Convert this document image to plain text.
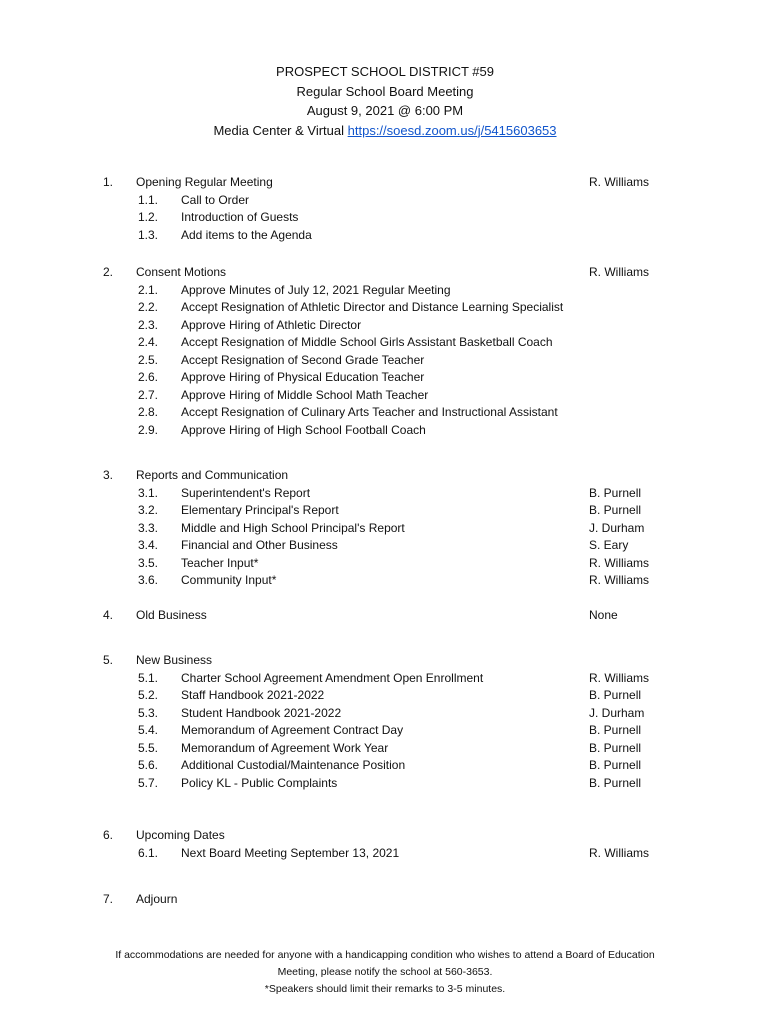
PROSPECT SCHOOL DISTRICT #59
Regular School Board Meeting
August 9, 2021 @ 6:00 PM
Media Center & Virtual https://soesd.zoom.us/j/5415603653
1. Opening Regular Meeting	R. Williams
1.1. Call to Order
1.2. Introduction of Guests
1.3. Add items to the Agenda
2. Consent Motions	R. Williams
2.1. Approve Minutes of July 12, 2021 Regular Meeting
2.2. Accept Resignation of Athletic Director and Distance Learning Specialist
2.3. Approve Hiring of Athletic Director
2.4. Accept Resignation of Middle School Girls Assistant Basketball Coach
2.5. Accept Resignation of Second Grade Teacher
2.6. Approve Hiring of Physical Education Teacher
2.7. Approve Hiring of Middle School Math Teacher
2.8. Accept Resignation of Culinary Arts Teacher and Instructional Assistant
2.9. Approve Hiring of High School Football Coach
3. Reports and Communication
3.1. Superintendent's Report	B. Purnell
3.2. Elementary Principal's Report	B. Purnell
3.3. Middle and High School Principal's Report	J. Durham
3.4. Financial and Other Business	S. Eary
3.5. Teacher Input*	R. Williams
3.6. Community Input*	R. Williams
4. Old Business	None
5. New Business
5.1. Charter School Agreement Amendment Open Enrollment	R. Williams
5.2. Staff Handbook 2021-2022	B. Purnell
5.3. Student Handbook 2021-2022	J. Durham
5.4. Memorandum of Agreement Contract Day	B. Purnell
5.5. Memorandum of Agreement Work Year	B. Purnell
5.6. Additional Custodial/Maintenance Position	B. Purnell
5.7. Policy KL - Public Complaints	B. Purnell
6. Upcoming Dates
6.1. Next Board Meeting September 13, 2021	R. Williams
7. Adjourn
If accommodations are needed for anyone with a handicapping condition who wishes to attend a Board of Education
Meeting, please notify the school at 560-3653.
*Speakers should limit their remarks to 3-5 minutes.
